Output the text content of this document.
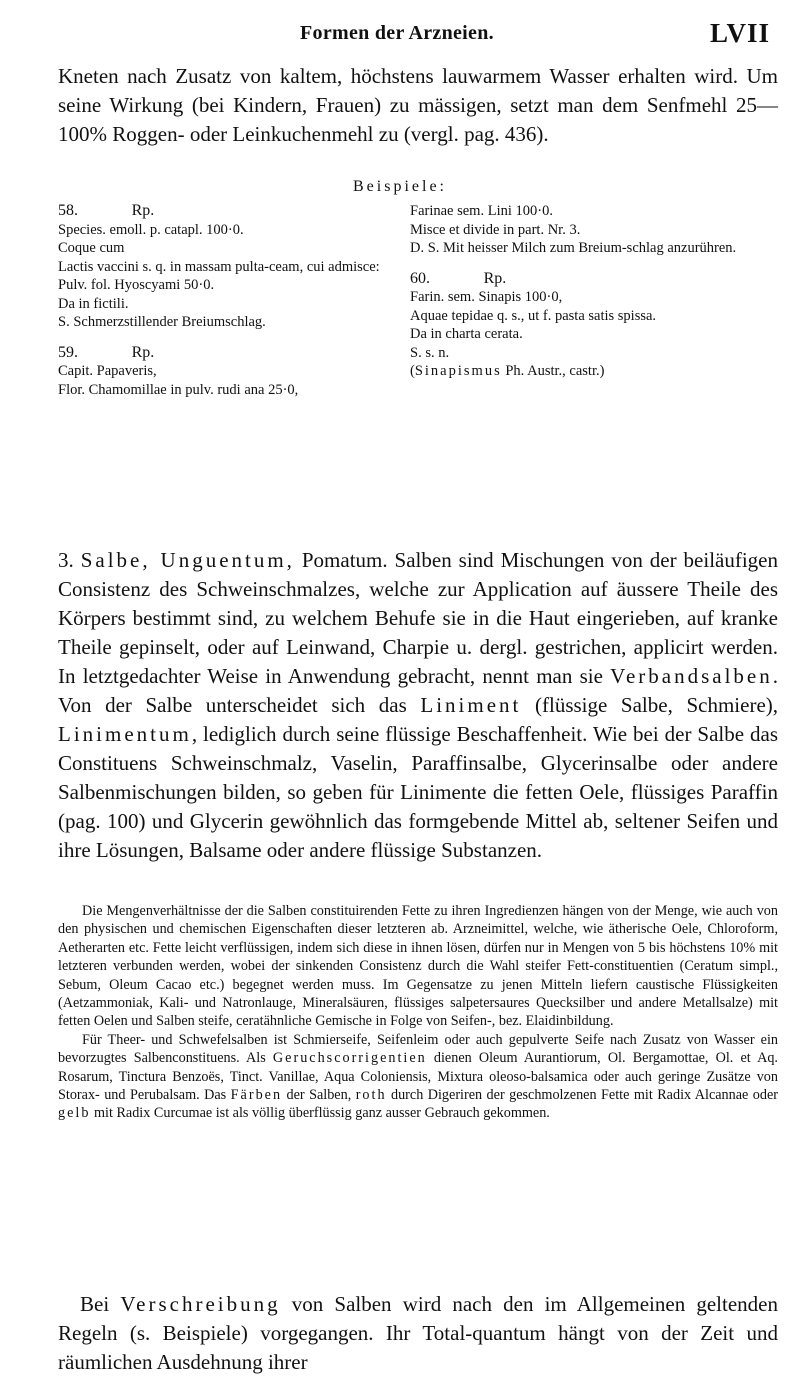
Formen der Arzneien.	LVII

Kneten nach Zusatz von kaltem, höchstens lauwarmem Wasser erhalten wird. Um seine Wirkung (bei Kindern, Frauen) zu mässigen, setzt man dem Senfmehl 25—100% Roggen- oder Leinkuchenmehl zu (vergl. pag. 436).

Beispiele:
58.	Rp.
Species. emoll. p. catapl. 100·0.
Coque cum
Lactis vaccini s. q. in massam pulta-ceam, cui admisce:
Pulv. fol. Hyoscyami 50·0.
Da in fictili.
S. Schmerzstillender Breiumschlag.
59.	Rp.
Capit. Papaveris,
Flor. Chamomillae in pulv. rudi ana 25·0,
Farinae sem. Lini 100·0.
Misce et divide in part. Nr. 3.
D. S. Mit heisser Milch zum Breium-schlag anzurühren.
60.	Rp.
Farin. sem. Sinapis 100·0,
Aquae tepidae q. s., ut f. pasta satis spissa.
Da in charta cerata.
S. s. n.
(Sinapismus Ph. Austr., castr.)

3. Salbe, Unguentum, Pomatum. Salben sind Mischungen von der beiläufigen Consistenz des Schweinschmalzes, welche zur Application auf äussere Theile des Körpers bestimmt sind, zu welchem Behufe sie in die Haut eingerieben, auf kranke Theile gepinselt, oder auf Leinwand, Charpie u. dergl. gestrichen, applicirt werden. In letztgedachter Weise in Anwendung gebracht, nennt man sie Verbandsalben. Von der Salbe unterscheidet sich das Liniment (flüssige Salbe, Schmiere), Linimentum, lediglich durch seine flüssige Beschaffenheit. Wie bei der Salbe das Constituens Schweinschmalz, Vaselin, Paraffinsalbe, Glycerinsalbe oder andere Salbenmischungen bilden, so geben für Linimente die fetten Oele, flüssiges Paraffin (pag. 100) und Glycerin gewöhnlich das formgebende Mittel ab, seltener Seifen und ihre Lösungen, Balsame oder andere flüssige Substanzen.

Die Mengenverhältnisse der die Salben constituirenden Fette zu ihren Ingredienzen hängen von der Menge, wie auch von den physischen und chemischen Eigenschaften dieser letzteren ab. Arzneimittel, welche, wie ätherische Oele, Chloroform, Aetherarten etc. Fette leicht verflüssigen, indem sich diese in ihnen lösen, dürfen nur in Mengen von 5 bis höchstens 10% mit letzteren verbunden werden, wobei der sinkenden Consistenz durch die Wahl steifer Fett-constituentien (Ceratum simpl., Sebum, Oleum Cacao etc.) begegnet werden muss. Im Gegensatze zu jenen Mitteln liefern caustische Flüssigkeiten (Aetzammoniak, Kali- und Natronlauge, Mineralsäuren, flüssiges salpetersaures Quecksilber und andere Metallsalze) mit fetten Oelen und Salben steife, ceratähnliche Gemische in Folge von Seifen-, bez. Elaidinbildung.

Für Theer- und Schwefelsalben ist Schmierseife, Seifenleim oder auch gepulverte Seife nach Zusatz von Wasser ein bevorzugtes Salbenconstituens. Als Geruchscorrigentien dienen Oleum Aurantiorum, Ol. Bergamottae, Ol. et Aq. Rosarum, Tinctura Benzoës, Tinct. Vanillae, Aqua Coloniensis, Mixtura oleoso-balsamica oder auch geringe Zusätze von Storax- und Perubalsam. Das Färben der Salben, roth durch Digeriren der geschmolzenen Fette mit Radix Alcannae oder gelb mit Radix Curcumae ist als völlig überflüssig ganz ausser Gebrauch gekommen.

Bei Verschreibung von Salben wird nach den im Allgemeinen geltenden Regeln (s. Beispiele) vorgegangen. Ihr Total-quantum hängt von der Zeit und räumlichen Ausdehnung ihrer
